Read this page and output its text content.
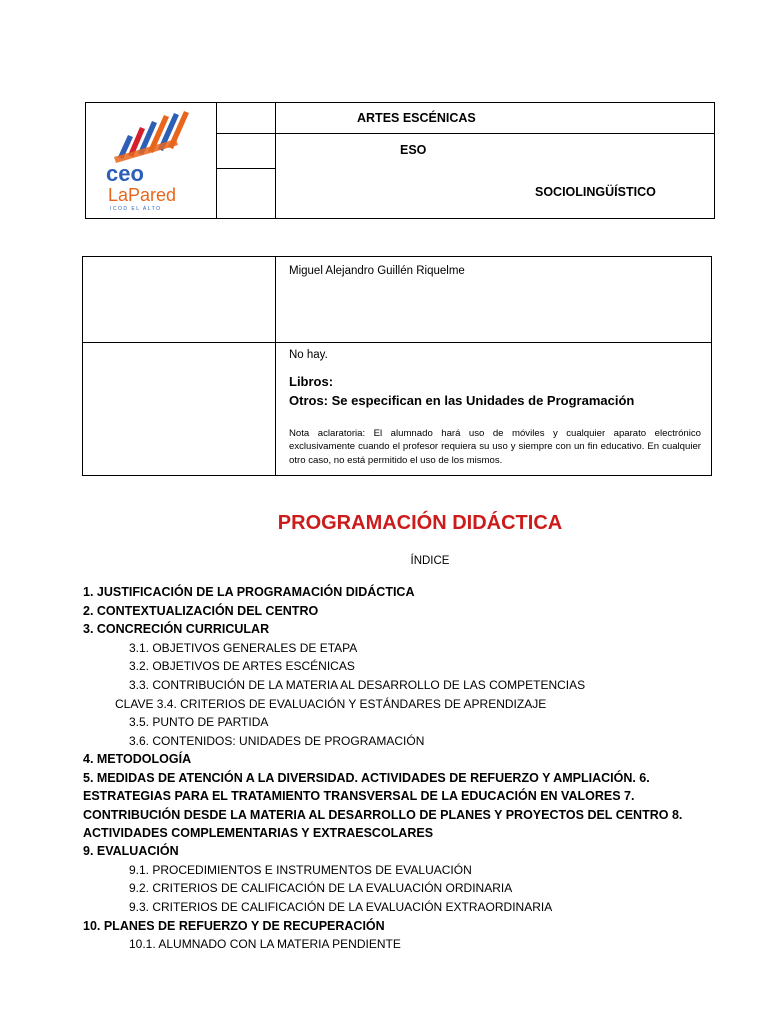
ceo
LaPared
ICOD EL ALTO
ARTES ESCÉNICAS
ESO
SOCIOLINGÜÍSTICO
Miguel Alejandro Guillén Riquelme
No hay.
Libros:
Otros: Se especifican en las Unidades de Programación
Nota aclaratoria: El alumnado hará uso de móviles y cualquier aparato electrónico exclusivamente cuando el profesor requiera su uso y siempre con un fin educativo. En cualquier otro caso, no está permitido el uso de los mismos.
PROGRAMACIÓN DIDÁCTICA
ÍNDICE
1. JUSTIFICACIÓN DE LA PROGRAMACIÓN DIDÁCTICA
2. CONTEXTUALIZACIÓN DEL CENTRO
3. CONCRECIÓN CURRICULAR
3.1. OBJETIVOS GENERALES DE ETAPA
3.2. OBJETIVOS DE ARTES ESCÉNICAS
3.3. CONTRIBUCIÓN DE LA MATERIA AL DESARROLLO DE LAS COMPETENCIAS
CLAVE 3.4. CRITERIOS DE EVALUACIÓN Y ESTÁNDARES DE APRENDIZAJE
3.5. PUNTO DE PARTIDA
3.6. CONTENIDOS: UNIDADES DE PROGRAMACIÓN
4. METODOLOGÍA
5. MEDIDAS DE ATENCIÓN A LA DIVERSIDAD. ACTIVIDADES DE REFUERZO Y AMPLIACIÓN. 6. ESTRATEGIAS PARA EL TRATAMIENTO TRANSVERSAL DE LA EDUCACIÓN EN VALORES 7. CONTRIBUCIÓN DESDE LA MATERIA AL DESARROLLO DE PLANES Y PROYECTOS DEL CENTRO 8. ACTIVIDADES COMPLEMENTARIAS Y EXTRAESCOLARES
9. EVALUACIÓN
9.1. PROCEDIMIENTOS E INSTRUMENTOS DE EVALUACIÓN
9.2. CRITERIOS DE CALIFICACIÓN DE LA EVALUACIÓN ORDINARIA
9.3. CRITERIOS DE CALIFICACIÓN DE LA EVALUACIÓN EXTRAORDINARIA
10. PLANES DE REFUERZO Y DE RECUPERACIÓN
10.1. ALUMNADO CON LA MATERIA PENDIENTE
